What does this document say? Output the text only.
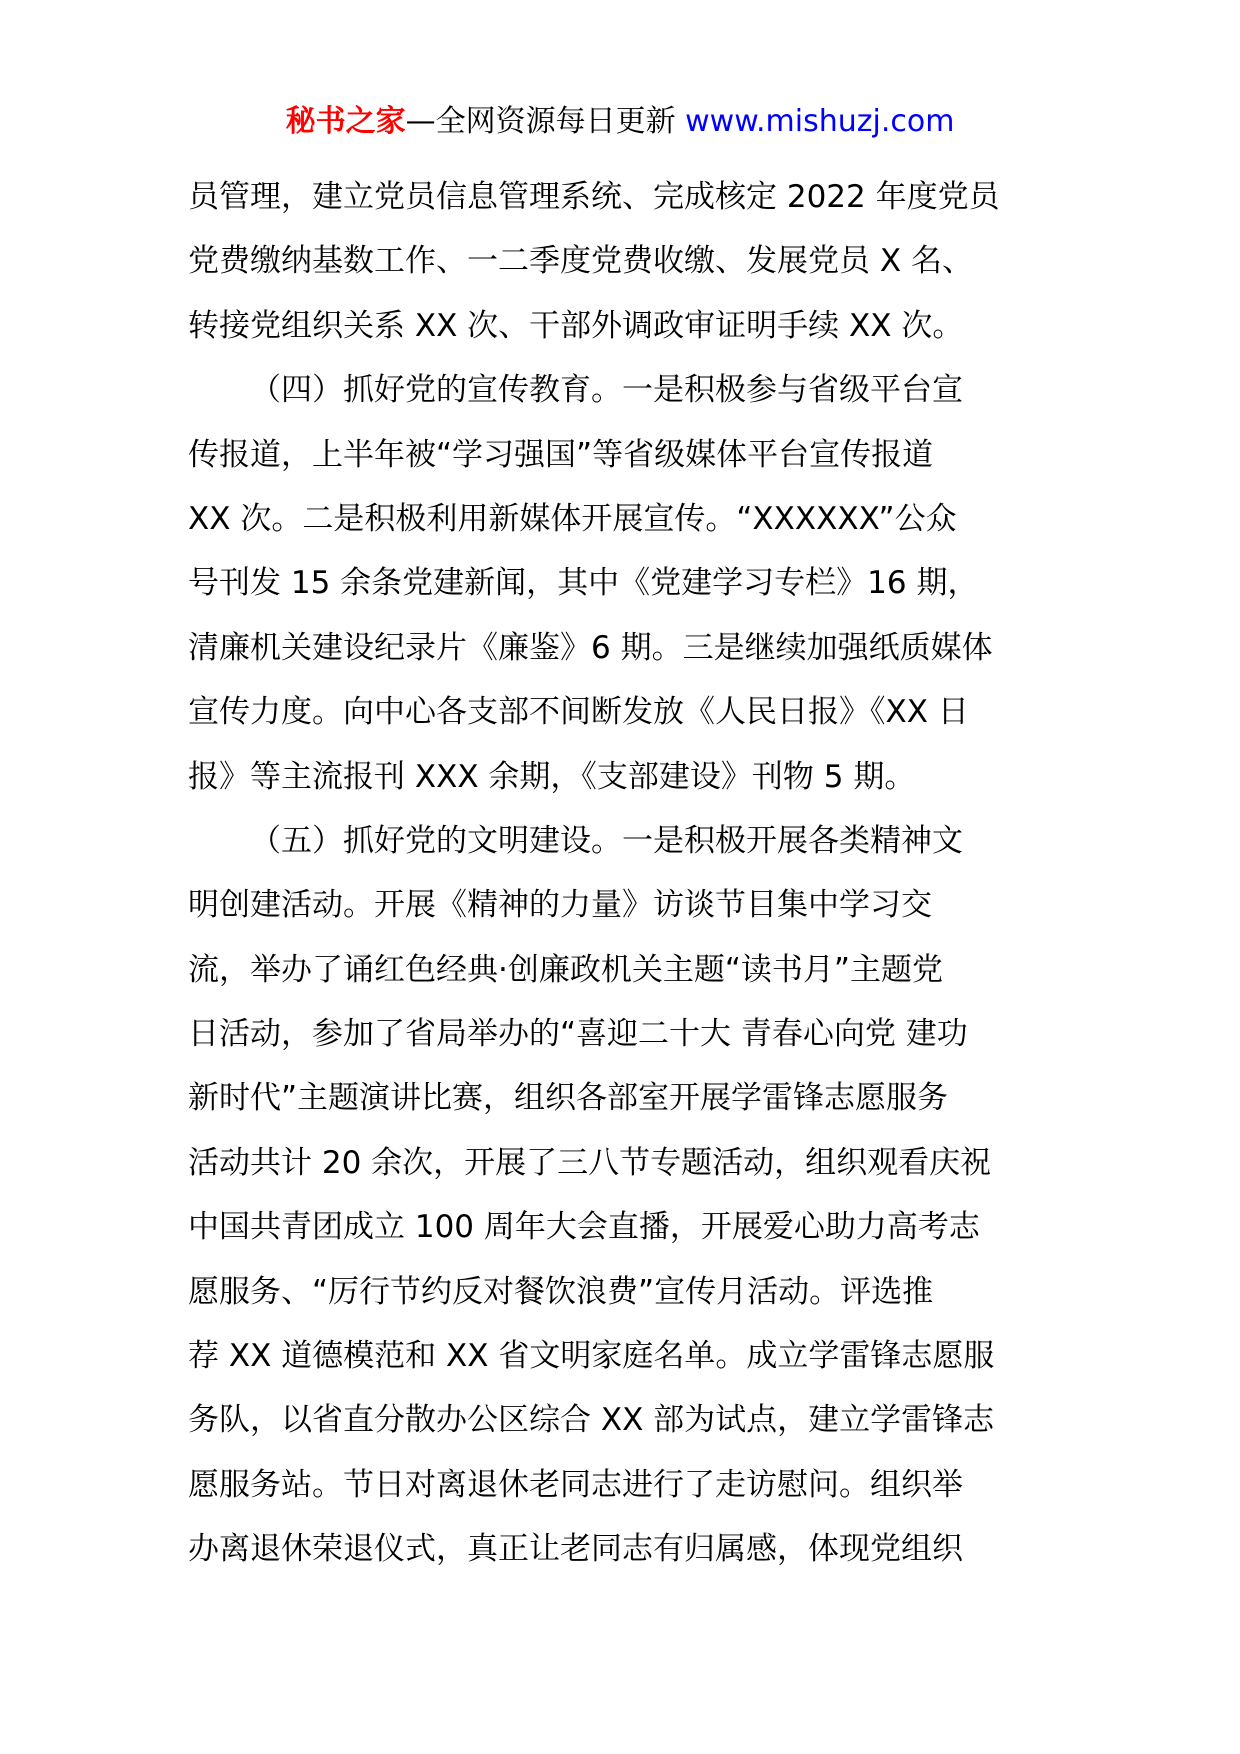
秘书之家—全网资源每日更新 www.mishuzj.com
员管理，建立党员信息管理系统、完成核定 2022 年度党员
党费缴纳基数工作、一二季度党费收缴、发展党员 X 名、
转接党组织关系 XX 次、干部外调政审证明手续 XX 次。
（四）抓好党的宣传教育。一是积极参与省级平台宣
传报道，上半年被“学习强国”等省级媒体平台宣传报道
XX 次。二是积极利用新媒体开展宣传。“XXXXXX”公众
号刊发 15 余条党建新闻，其中《党建学习专栏》16 期，
清廉机关建设纪录片《廉鉴》6 期。三是继续加强纸质媒体
宣传力度。向中心各支部不间断发放《人民日报》《XX 日
报》等主流报刊 XXX 余期，《支部建设》刊物 5 期。
（五）抓好党的文明建设。一是积极开展各类精神文
明创建活动。开展《精神的力量》访谈节目集中学习交
流，举办了诵红色经典·创廉政机关主题“读书月”主题党
日活动，参加了省局举办的“喜迎二十大 青春心向党 建功
新时代”主题演讲比赛，组织各部室开展学雷锋志愿服务
活动共计 20 余次，开展了三八节专题活动，组织观看庆祝
中国共青团成立 100 周年大会直播，开展爱心助力高考志
愿服务、“厉行节约反对餐饮浪费”宣传月活动。评选推
荐 XX 道德模范和 XX 省文明家庭名单。成立学雷锋志愿服
务队，以省直分散办公区综合 XX 部为试点，建立学雷锋志
愿服务站。节日对离退休老同志进行了走访慰问。组织举
办离退休荣退仪式，真正让老同志有归属感，体现党组织
